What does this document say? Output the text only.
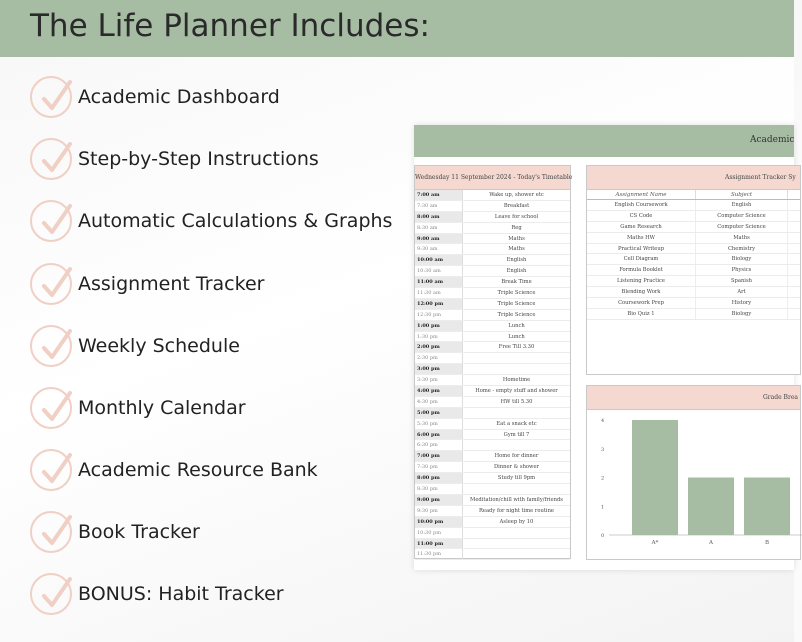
The Life Planner Includes:
Academic Dashboard
Step-by-Step Instructions
Automatic Calculations & Graphs
Assignment Tracker
Weekly Schedule
Monthly Calendar
Academic Resource Bank
Book Tracker
BONUS: Habit Tracker
Academic
Wednesday 11 September 2024 - Today's Timetable
7:00 am	Wake up, shower etc
7:30 am	Breakfast
8:00 am	Leave for school
8:30 am	Reg
9:00 am	Maths
9:30 am	Maths
10:00 am	English
10:30 am	English
11:00 am	Break Time
11:30 am	Triple Science
12:00 pm	Triple Science
12:30 pm	Triple Science
1:00 pm	Lunch
1:30 pm	Lunch
2:00 pm	Free Till 3.30
2:30 pm
3:00 pm
3:30 pm	Hometime
4:00 pm	Home - empty stuff and shower
4:30 pm	HW till 5.30
5:00 pm
5:30 pm	Eat a snack etc
6:00 pm	Gym till 7
6:30 pm
7:00 pm	Home for dinner
7:30 pm	Dinner & shower
8:00 pm	Study till 9pm
8:30 pm
9:00 pm	Meditation/chill with family/friends
9:30 pm	Ready for night time routine
10:00 pm	Asleep by 10
10:30 pm
11:00 pm
11:30 pm
Assignment Tracker Sy
Assignment Name	Subject
English Coursework	English
CS Code	Computer Science
Game Research	Computer Science
Maths HW	Maths
Practical Writeup	Chemistry
Cell Diagram	Biology
Formula Booklet	Physics
Listening Practice	Spanish
Blending Work	Art
Coursework Prep	History
Bio Quiz 1	Biology
Grade Brea
0
1
2
3
4
A*	A	B
